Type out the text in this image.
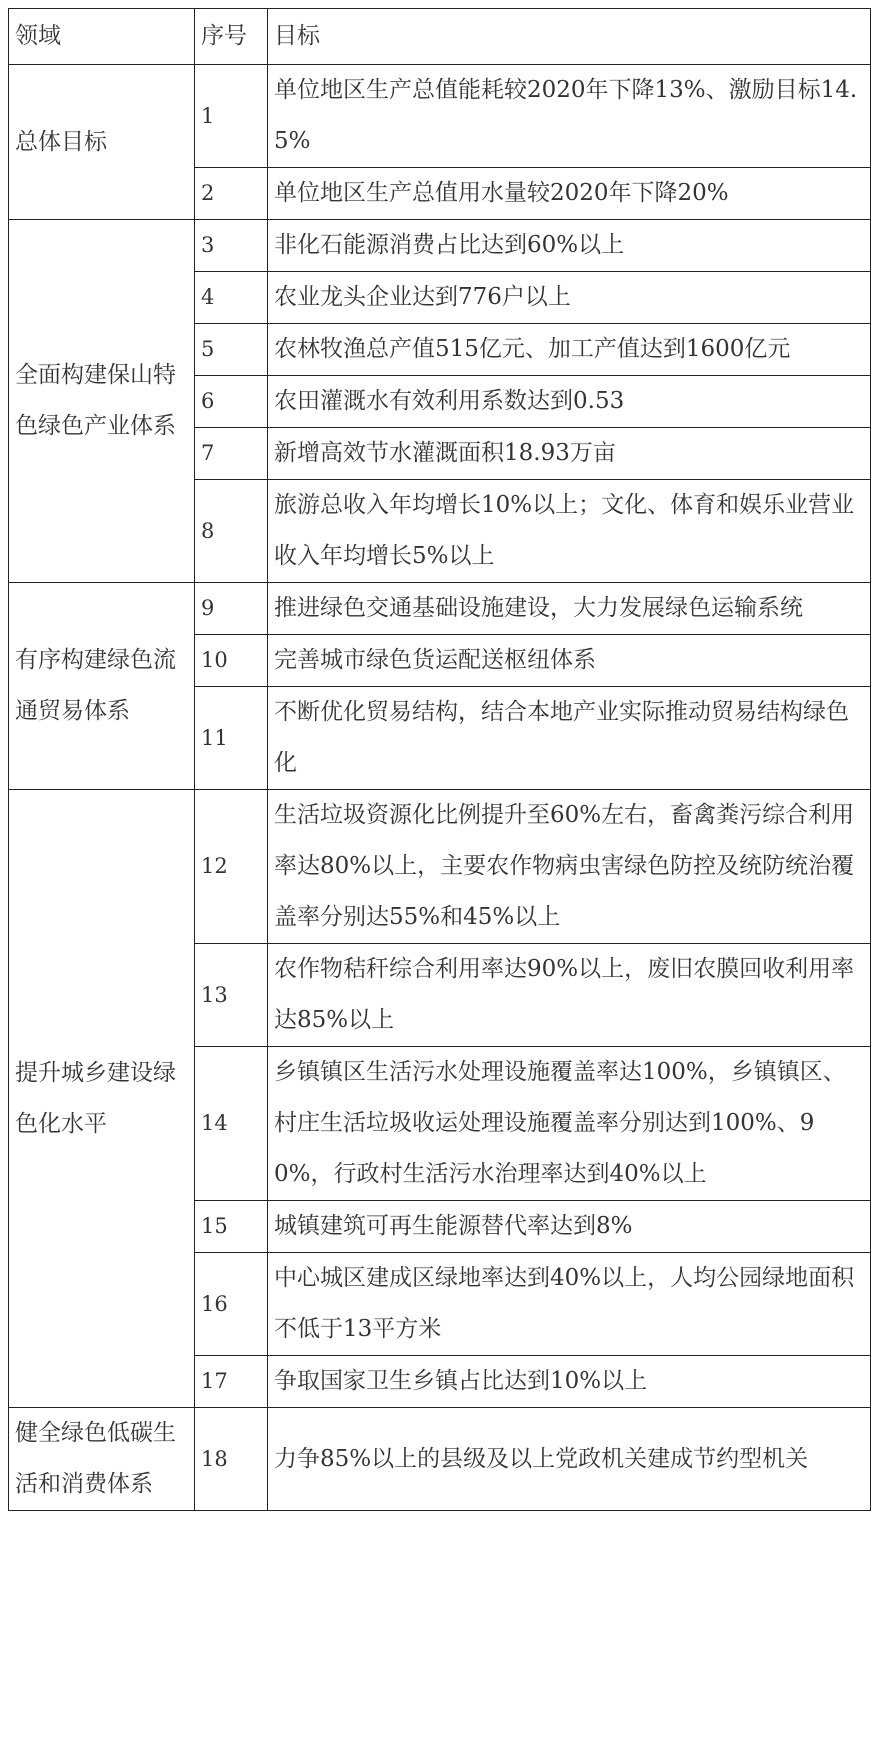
领域	序号	目标
总体目标	1	单位地区生产总值能耗较2020年下降13%、激励目标14.5%
	2	单位地区生产总值用水量较2020年下降20%
全面构建保山特色绿色产业体系	3	非化石能源消费占比达到60%以上
	4	农业龙头企业达到776户以上
	5	农林牧渔总产值515亿元、加工产值达到1600亿元
	6	农田灌溉水有效利用系数达到0.53
	7	新增高效节水灌溉面积18.93万亩
	8	旅游总收入年均增长10%以上；文化、体育和娱乐业营业收入年均增长5%以上
有序构建绿色流通贸易体系	9	推进绿色交通基础设施建设，大力发展绿色运输系统
	10	完善城市绿色货运配送枢纽体系
	11	不断优化贸易结构，结合本地产业实际推动贸易结构绿色化
提升城乡建设绿色化水平	12	生活垃圾资源化比例提升至60%左右，畜禽粪污综合利用率达80%以上，主要农作物病虫害绿色防控及统防统治覆盖率分别达55%和45%以上
	13	农作物秸秆综合利用率达90%以上，废旧农膜回收利用率达85%以上
	14	乡镇镇区生活污水处理设施覆盖率达100%，乡镇镇区、村庄生活垃圾收运处理设施覆盖率分别达到100%、90%，行政村生活污水治理率达到40%以上
	15	城镇建筑可再生能源替代率达到8%
	16	中心城区建成区绿地率达到40%以上，人均公园绿地面积不低于13平方米
	17	争取国家卫生乡镇占比达到10%以上
健全绿色低碳生活和消费体系	18	力争85%以上的县级及以上党政机关建成节约型机关
